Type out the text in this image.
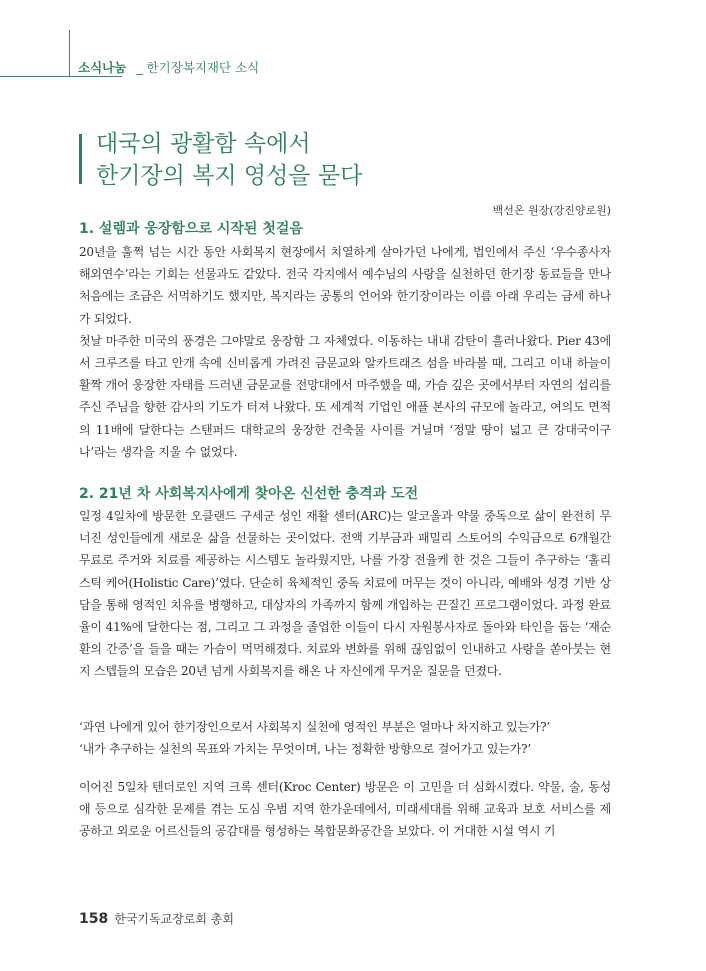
소식나눔 _ 한기장복지재단 소식
대국의 광활함 속에서
한기장의 복지 영성을 묻다
백선온 원장(강진양로원)
1. 설렘과 웅장함으로 시작된 첫걸음

20년을 훌쩍 넘는 시간 동안 사회복지 현장에서 치열하게 살아가던 나에게, 법인에서 주신 ‘우수종사자 해외연수’라는 기회는 선물과도 같았다. 전국 각지에서 예수님의 사랑을 실천하던 한기장 동료들을 만나 처음에는 조금은 서먹하기도 했지만, 복지라는 공통의 언어와 한기장이라는 이름 아래 우리는 금세 하나가 되었다.

첫날 마주한 미국의 풍경은 그야말로 웅장함 그 자체였다. 이동하는 내내 감탄이 흘러나왔다. Pier 43에서 크루즈를 타고 안개 속에 신비롭게 가려진 금문교와 알카트래즈 섬을 바라볼 때, 그리고 이내 하늘이 활짝 개어 웅장한 자태를 드러낸 금문교를 전망대에서 마주했을 때, 가슴 깊은 곳에서부터 자연의 섭리를 주신 주님을 향한 감사의 기도가 터져 나왔다. 또 세계적 기업인 애플 본사의 규모에 놀라고, 여의도 면적의 11배에 달한다는 스탠퍼드 대학교의 웅장한 건축물 사이를 거닐며 ‘정말 땅이 넓고 큰 강대국이구나’라는 생각을 지울 수 없었다.

2. 21년 차 사회복지사에게 찾아온 신선한 충격과 도전

일정 4일차에 방문한 오클랜드 구세군 성인 재활 센터(ARC)는 알코올과 약물 중독으로 삶이 완전히 무너진 성인들에게 새로운 삶을 선물하는 곳이었다. 전액 기부금과 패밀리 스토어의 수익금으로 6개월간 무료로 주거와 치료를 제공하는 시스템도 놀라웠지만, 나를 가장 전율케 한 것은 그들이 추구하는 ‘홀리스틱 케어(Holistic Care)’였다. 단순히 육체적인 중독 치료에 머무는 것이 아니라, 예배와 성경 기반 상담을 통해 영적인 치유를 병행하고, 대상자의 가족까지 함께 개입하는 끈질긴 프로그램이었다. 과정 완료율이 41%에 달한다는 점, 그리고 그 과정을 졸업한 이들이 다시 자원봉사자로 돌아와 타인을 돕는 ‘재순환의 간증’을 들을 때는 가슴이 먹먹해졌다. 치료와 변화를 위해 끊임없이 인내하고 사랑을 쏟아붓는 현지 스텝들의 모습은 20년 넘게 사회복지를 해온 나 자신에게 무거운 질문을 던졌다.

‘과연 나에게 있어 한기장인으로서 사회복지 실천에 영적인 부분은 얼마나 차지하고 있는가?’

‘내가 추구하는 실천의 목표와 가치는 무엇이며, 나는 정확한 방향으로 걸어가고 있는가?’

이어진 5일차 텐더로인 지역 크록 센터(Kroc Center) 방문은 이 고민을 더 심화시켰다. 약물, 술, 동성애 등으로 심각한 문제를 겪는 도심 우범 지역 한가운데에서, 미래세대를 위해 교육과 보호 서비스를 제공하고 외로운 어르신들의 공감대를 형성하는 복합문화공간을 보았다. 이 거대한 시설 역시 기

158 한국기독교장로회 총회
